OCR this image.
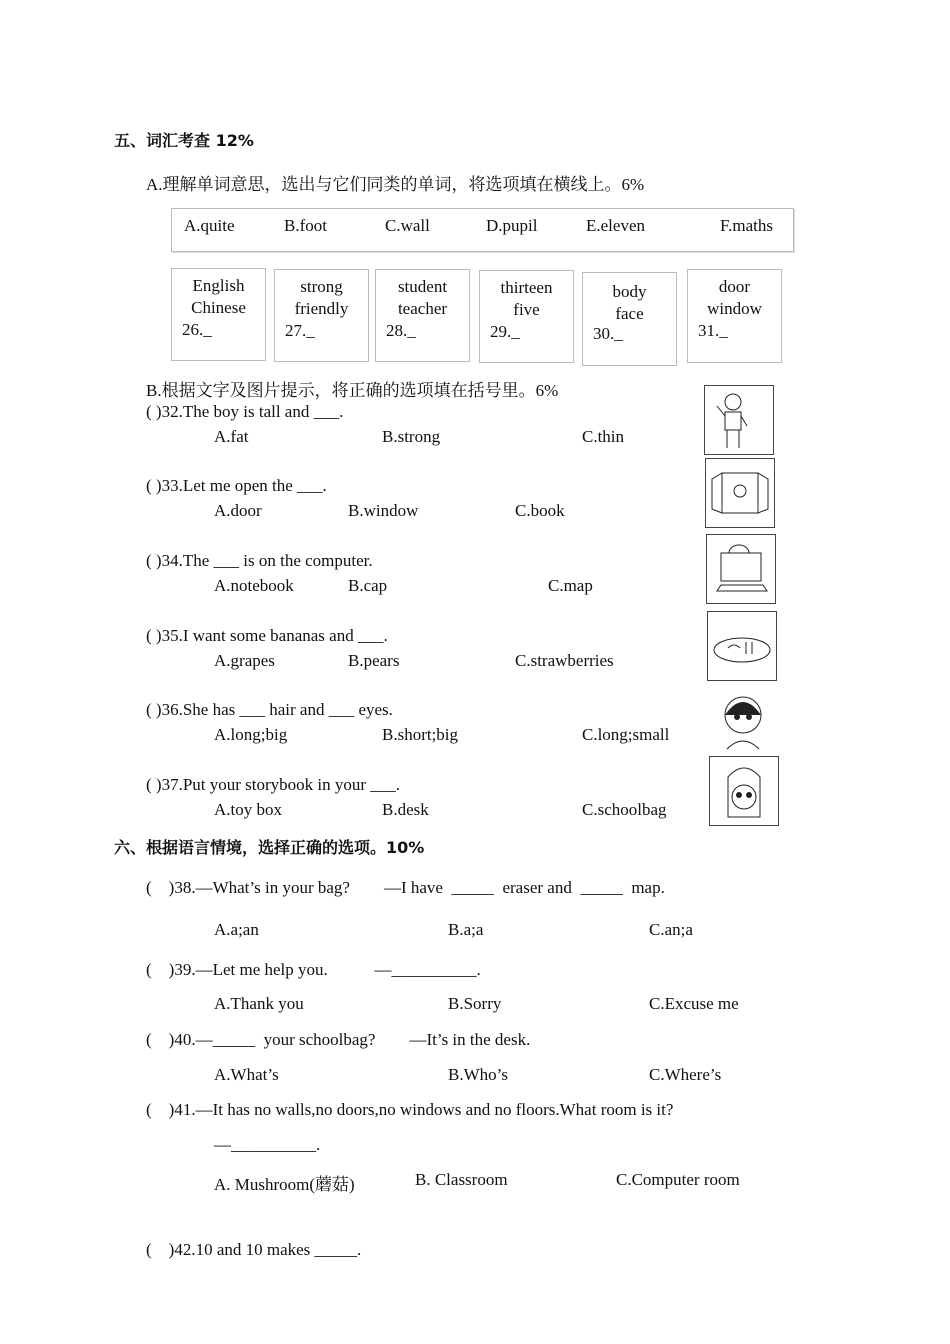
五、词汇考查 12%
A.理解单词意思，选出与它们同类的单词，将选项填在横线上。6%
A.quite	B.foot	C.wall	D.pupil	E.eleven	F.maths
English
Chinese
26._
strong
friendly
27._
student
teacher
28._
thirteen
five
29._
body
face
30._
door
window
31._
B.根据文字及图片提示，将正确的选项填在括号里。6%
( )32.The boy is tall and ___.
A.fat	B.strong	C.thin
( )33.Let me open the ___.
A.door	B.window	C.book
( )34.The ___ is on the computer.
A.notebook	B.cap	C.map
( )35.I want some bananas and ___.
A.grapes	B.pears	C.strawberries
( )36.She has ___ hair and ___ eyes.
A.long;big	B.short;big	C.long;small
( )37.Put your storybook in your ___.
A.toy box	B.desk	C.schoolbag
六、根据语言情境，选择正确的选项。10%
(    )38.—What’s in your bag?        —I have  _____  eraser and  _____  map.
A.a;an	B.a;a	C.an;a
(    )39.—Let me help you.           —__________.
A.Thank you	B.Sorry	C.Excuse me
(    )40.—_____  your schoolbag?        —It’s in the desk.
A.What’s	B.Who’s	C.Where’s
(    )41.—It has no walls,no doors,no windows and no floors.What room is it?
—__________.
A. Mushroom(蘑菇)	B. Classroom	C.Computer room
(    )42.10 and 10 makes _____.
